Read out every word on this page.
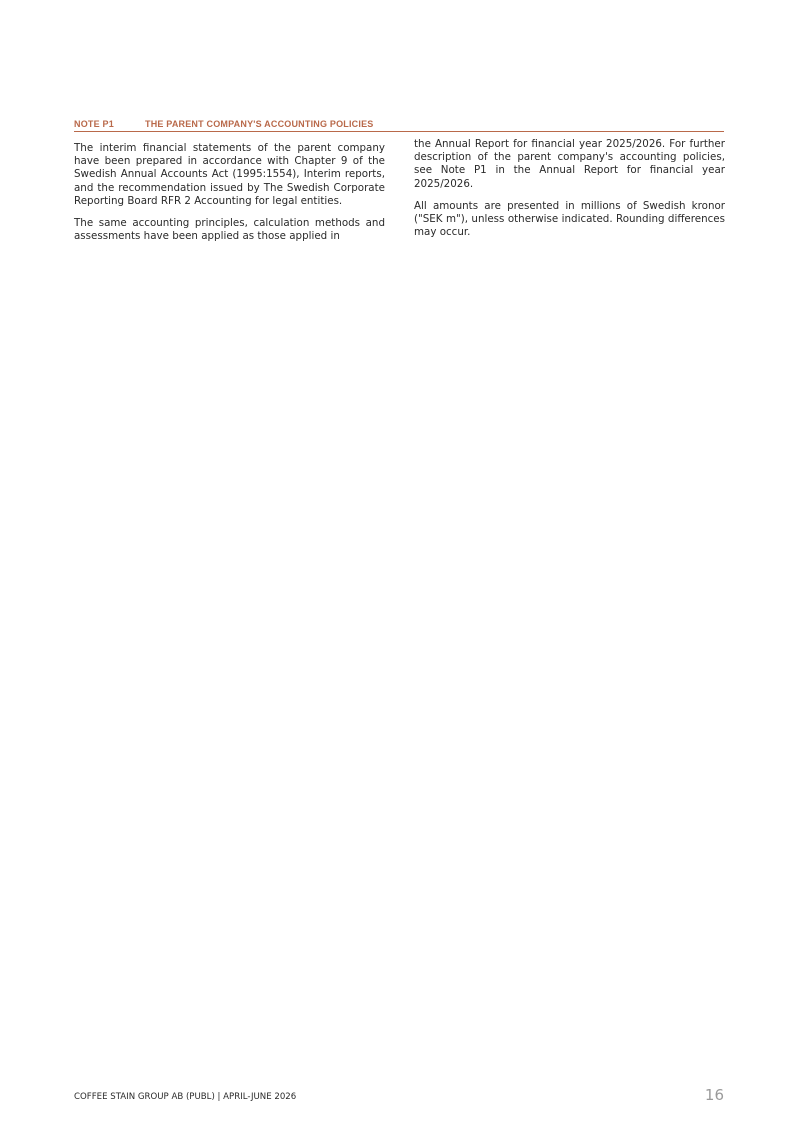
NOTE P1	THE PARENT COMPANY'S ACCOUNTING POLICIES

The interim financial statements of the parent company have been prepared in accordance with Chapter 9 of the Swedish Annual Accounts Act (1995:1554), Interim reports, and the recommendation issued by The Swedish Corporate Reporting Board RFR 2 Accounting for legal entities.

The same accounting principles, calculation methods and assessments have been applied as those applied in

the Annual Report for financial year 2025/2026. For further description of the parent company's accounting policies, see Note P1 in the Annual Report for financial year 2025/2026.

All amounts are presented in millions of Swedish kronor ("SEK m"), unless otherwise indicated. Rounding differences may occur.

COFFEE STAIN GROUP AB (PUBL) | APRIL-JUNE 2026	16
